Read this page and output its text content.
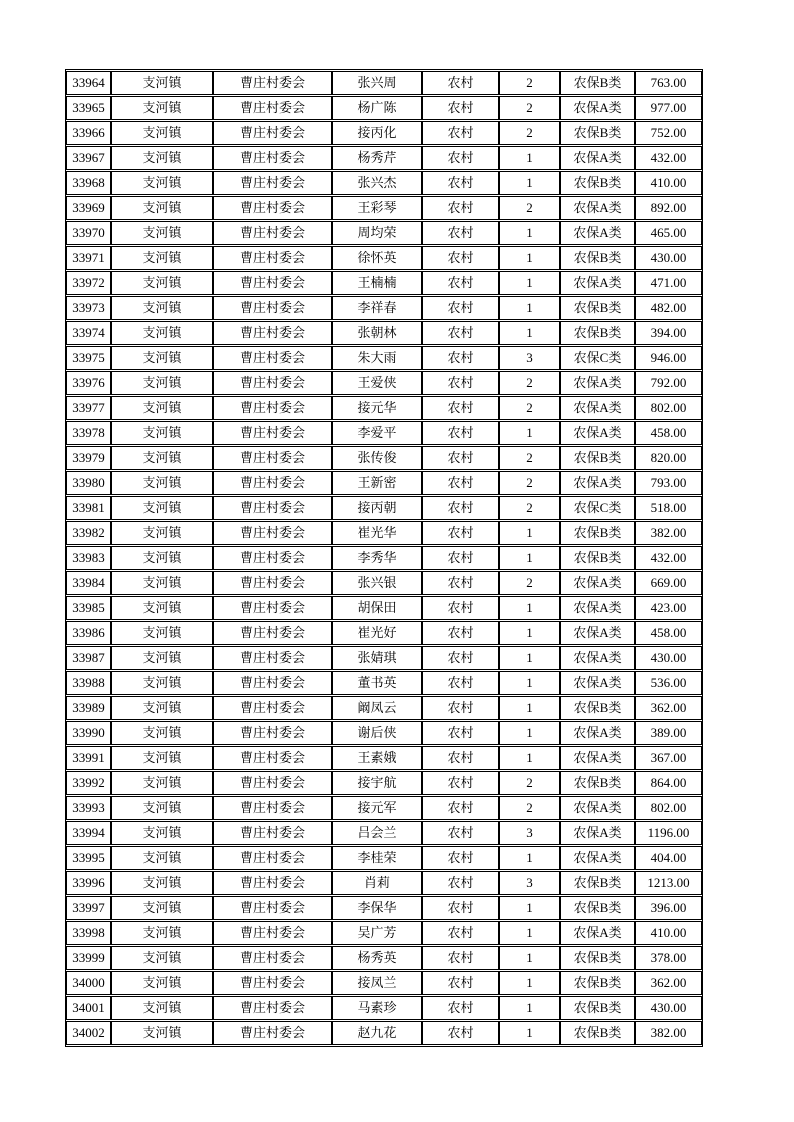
33964	支河镇	曹庄村委会	张兴周	农村	2	农保B类	763.00
33965	支河镇	曹庄村委会	杨广陈	农村	2	农保A类	977.00
33966	支河镇	曹庄村委会	接丙化	农村	2	农保B类	752.00
33967	支河镇	曹庄村委会	杨秀芹	农村	1	农保A类	432.00
33968	支河镇	曹庄村委会	张兴杰	农村	1	农保B类	410.00
33969	支河镇	曹庄村委会	王彩琴	农村	2	农保A类	892.00
33970	支河镇	曹庄村委会	周均荣	农村	1	农保A类	465.00
33971	支河镇	曹庄村委会	徐怀英	农村	1	农保B类	430.00
33972	支河镇	曹庄村委会	王楠楠	农村	1	农保A类	471.00
33973	支河镇	曹庄村委会	李祥春	农村	1	农保B类	482.00
33974	支河镇	曹庄村委会	张朝林	农村	1	农保B类	394.00
33975	支河镇	曹庄村委会	朱大雨	农村	3	农保C类	946.00
33976	支河镇	曹庄村委会	王爱侠	农村	2	农保A类	792.00
33977	支河镇	曹庄村委会	接元华	农村	2	农保A类	802.00
33978	支河镇	曹庄村委会	李爱平	农村	1	农保A类	458.00
33979	支河镇	曹庄村委会	张传俊	农村	2	农保B类	820.00
33980	支河镇	曹庄村委会	王新密	农村	2	农保A类	793.00
33981	支河镇	曹庄村委会	接丙朝	农村	2	农保C类	518.00
33982	支河镇	曹庄村委会	崔光华	农村	1	农保B类	382.00
33983	支河镇	曹庄村委会	李秀华	农村	1	农保B类	432.00
33984	支河镇	曹庄村委会	张兴银	农村	2	农保A类	669.00
33985	支河镇	曹庄村委会	胡保田	农村	1	农保A类	423.00
33986	支河镇	曹庄村委会	崔光好	农村	1	农保A类	458.00
33987	支河镇	曹庄村委会	张婧琪	农村	1	农保A类	430.00
33988	支河镇	曹庄村委会	董书英	农村	1	农保A类	536.00
33989	支河镇	曹庄村委会	阚凤云	农村	1	农保B类	362.00
33990	支河镇	曹庄村委会	谢后侠	农村	1	农保A类	389.00
33991	支河镇	曹庄村委会	王素娥	农村	1	农保A类	367.00
33992	支河镇	曹庄村委会	接宇航	农村	2	农保B类	864.00
33993	支河镇	曹庄村委会	接元军	农村	2	农保A类	802.00
33994	支河镇	曹庄村委会	吕会兰	农村	3	农保A类	1196.00
33995	支河镇	曹庄村委会	李桂荣	农村	1	农保A类	404.00
33996	支河镇	曹庄村委会	肖莉	农村	3	农保B类	1213.00
33997	支河镇	曹庄村委会	李保华	农村	1	农保B类	396.00
33998	支河镇	曹庄村委会	吴广芳	农村	1	农保A类	410.00
33999	支河镇	曹庄村委会	杨秀英	农村	1	农保B类	378.00
34000	支河镇	曹庄村委会	接凤兰	农村	1	农保B类	362.00
34001	支河镇	曹庄村委会	马素珍	农村	1	农保B类	430.00
34002	支河镇	曹庄村委会	赵九花	农村	1	农保B类	382.00
